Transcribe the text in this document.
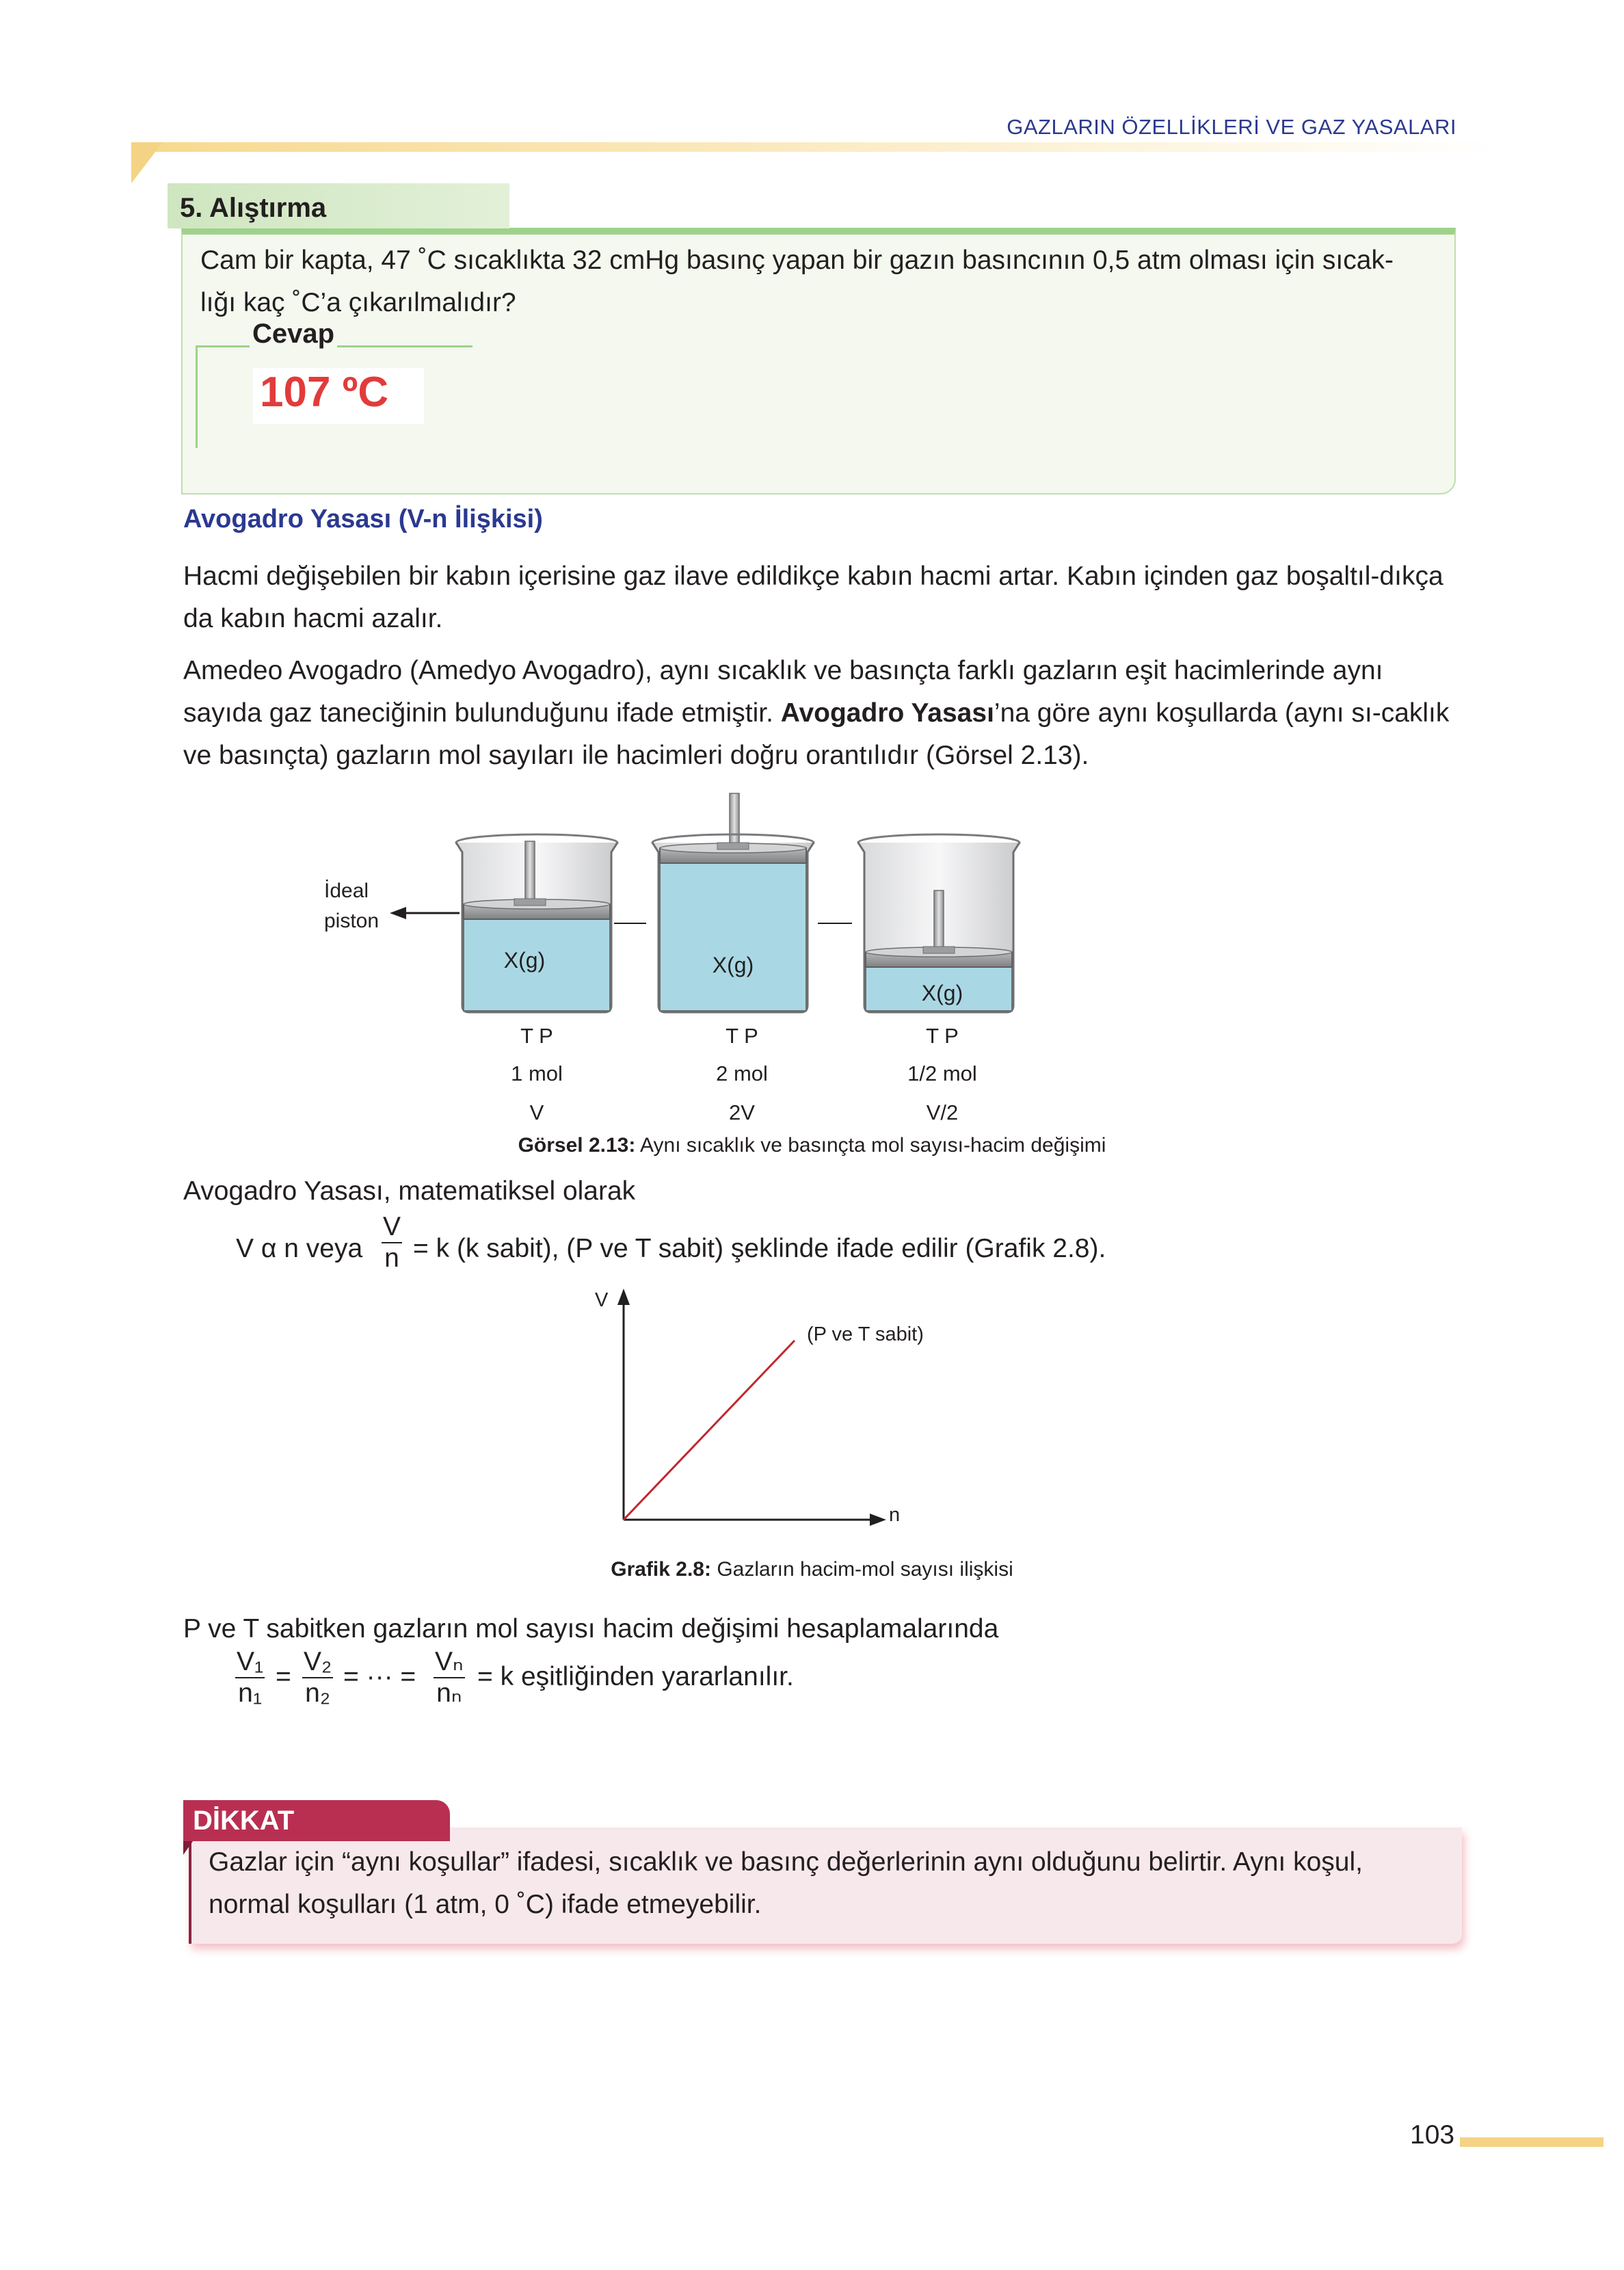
GAZLARIN ÖZELLİKLERİ VE GAZ YASALARI
5. Alıştırma
Cam bir kapta, 47 ˚C sıcaklıkta 32 cmHg basınç yapan bir gazın basıncının 0,5 atm olması için sıcak-
lığı kaç ˚C’a çıkarılmalıdır?
Cevap
107 ºC
Avogadro Yasası (V-n İlişkisi)
Hacmi değişebilen bir kabın içerisine gaz ilave edildikçe kabın hacmi artar. Kabın içinden gaz boşaltıl-dıkça da kabın hacmi azalır.
Amedeo Avogadro (Amedyo Avogadro), aynı sıcaklık ve basınçta farklı gazların eşit hacimlerinde aynı sayıda gaz taneciğinin bulunduğunu ifade etmiştir. Avogadro Yasası’na göre aynı koşullarda (aynı sı-caklık ve basınçta) gazların mol sayıları ile hacimleri doğru orantılıdır (Görsel 2.13).
İdeal
piston
X(g)	X(g)
X(g)
T P	T P	T P
1 mol	2 mol	1/2 mol
V	2V	V/2
Görsel 2.13: Aynı sıcaklık ve basınçta mol sayısı-hacim değişimi
Avogadro Yasası, matematiksel olarak
V α n veya $\frac{V}{n} = k$ (k sabit), (P ve T sabit) şeklinde ifade edilir (Grafik 2.8).
V
n
(P ve T sabit)
Grafik 2.8: Gazların hacim-mol sayısı ilişkisi
P ve T sabitken gazların mol sayısı hacim değişimi hesaplamalarında
$\frac{\text{V₁}}{\text{n₁}} = \frac{\text{V₂}}{\text{n₂}}$ = ··· = $\frac{\text{Vₙ}}{\text{nₙ}} = k$ eşitliğinden yararlanılır.
DİKKAT
Gazlar için “aynı koşullar” ifadesi, sıcaklık ve basınç değerlerinin aynı olduğunu belirtir. Aynı koşul,
normal koşulları (1 atm, 0 ˚C) ifade etmeyebilir.
103
